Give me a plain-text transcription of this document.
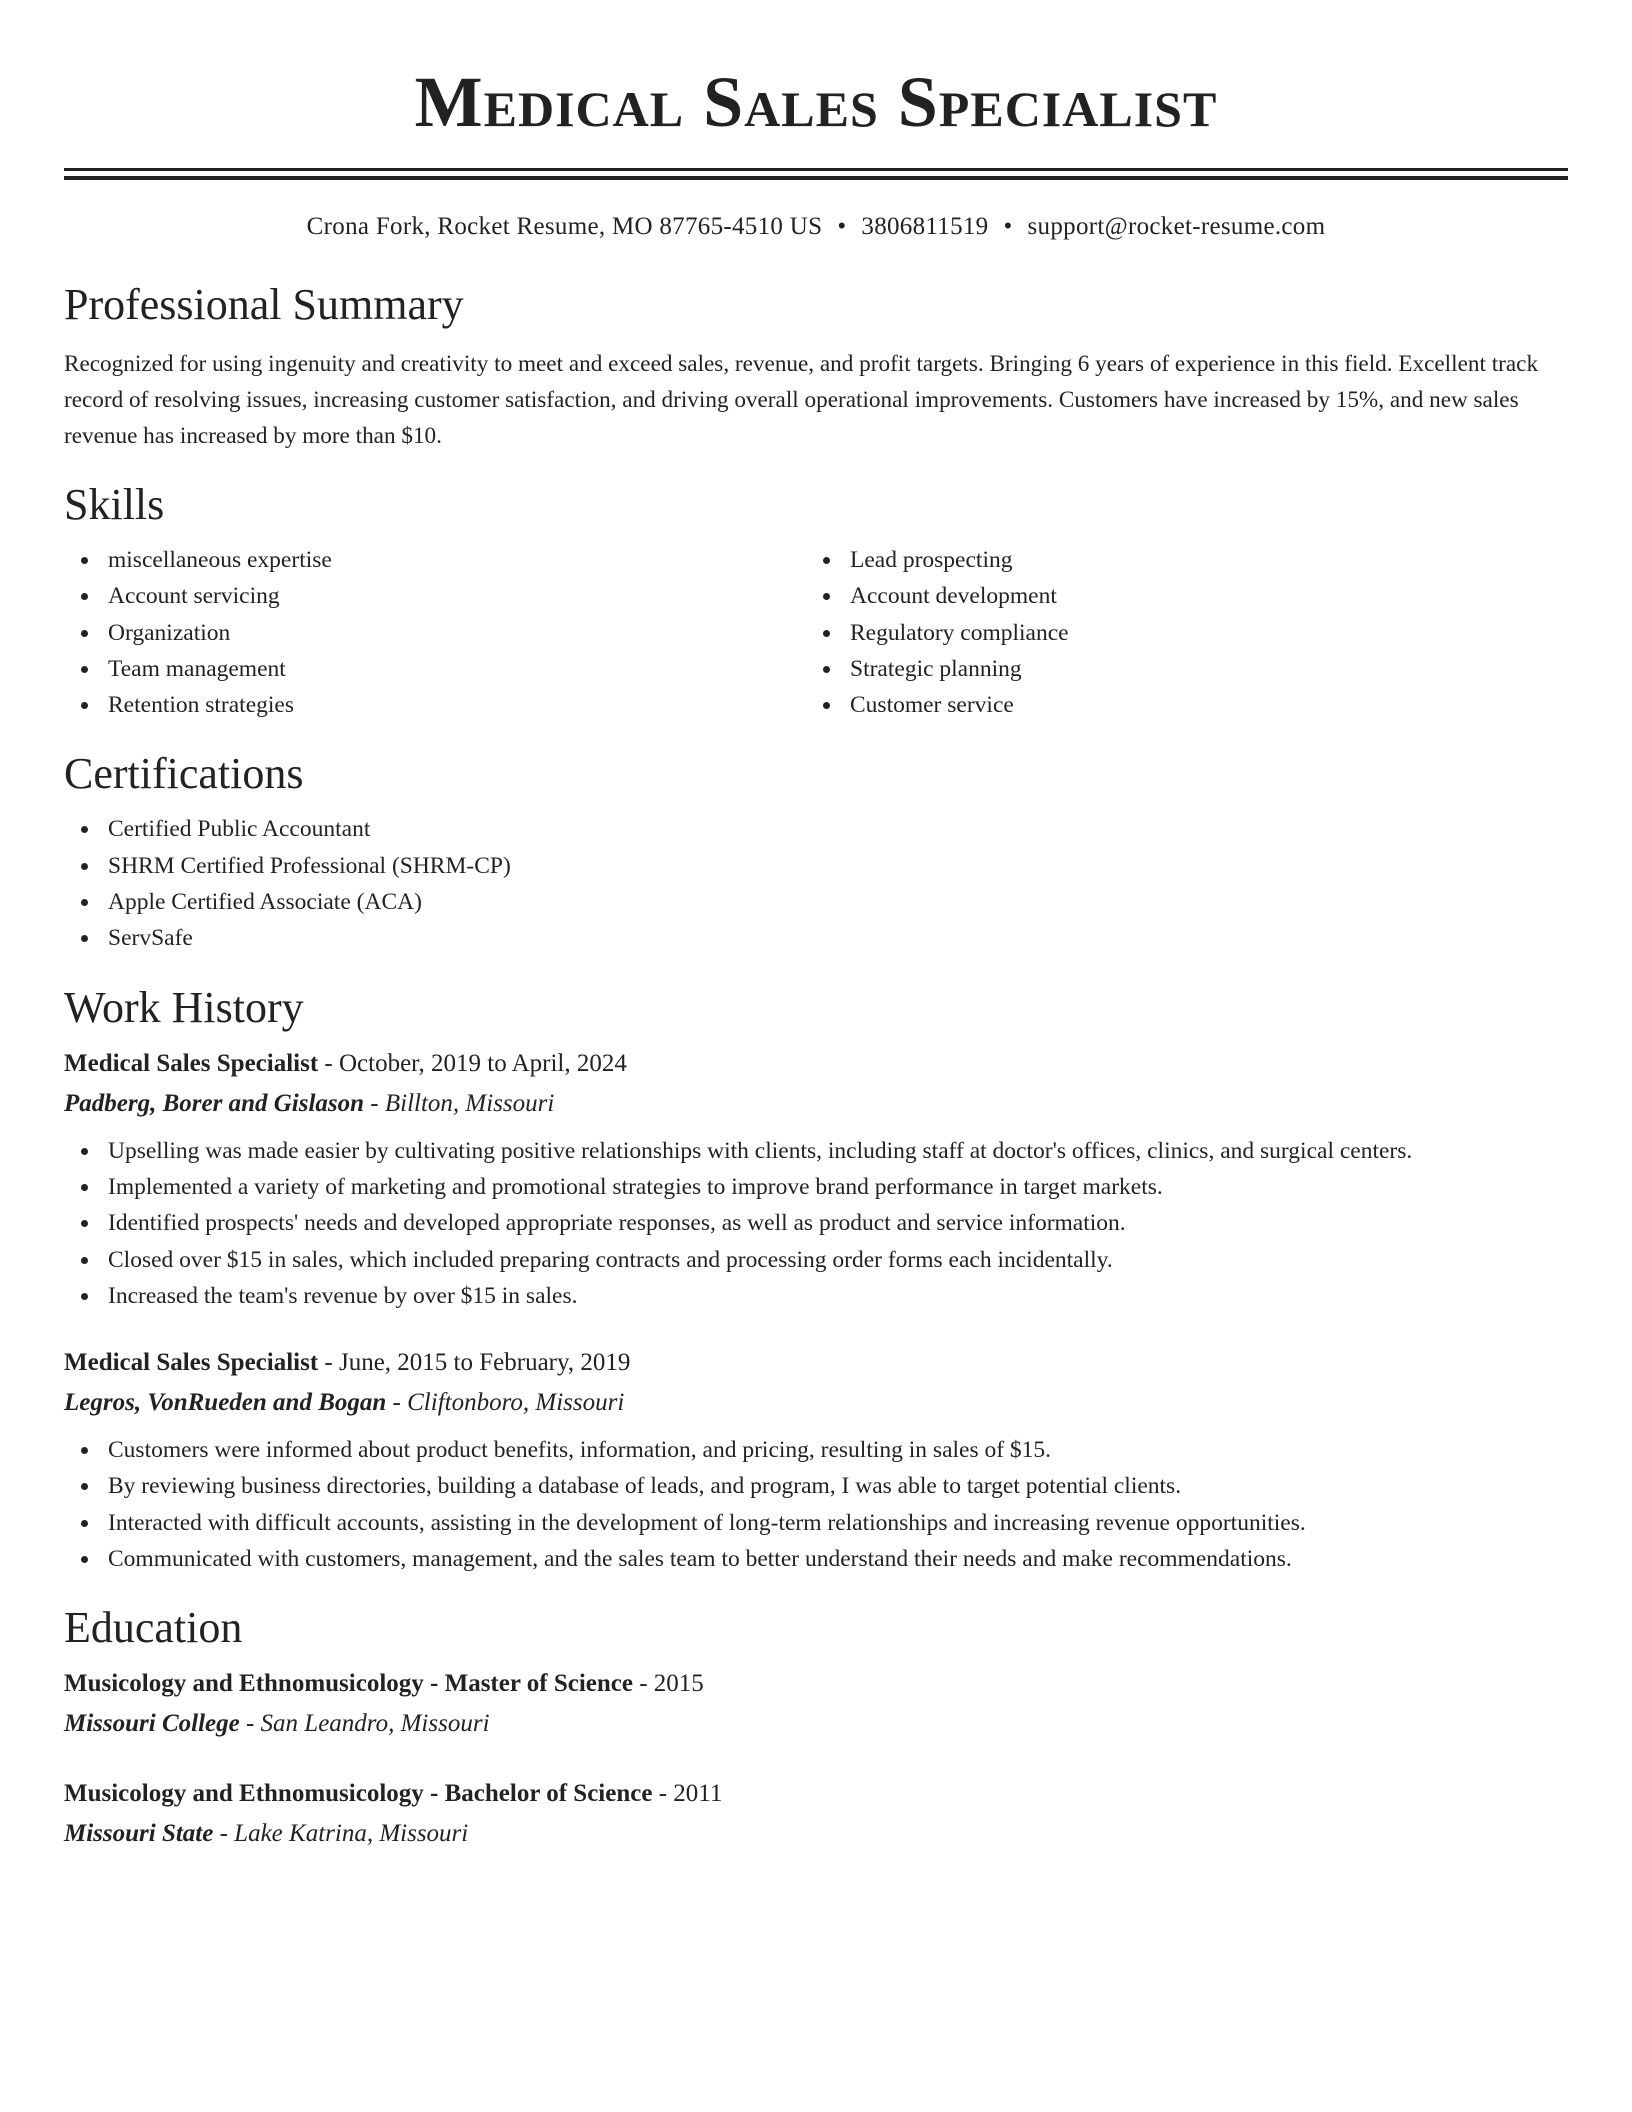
Medical Sales Specialist
Crona Fork, Rocket Resume, MO 87765-4510 US • 3806811519 • support@rocket-resume.com
Professional Summary
Recognized for using ingenuity and creativity to meet and exceed sales, revenue, and profit targets. Bringing 6 years of experience in this field. Excellent track record of resolving issues, increasing customer satisfaction, and driving overall operational improvements. Customers have increased by 15%, and new sales revenue has increased by more than $10.
Skills
miscellaneous expertise
Account servicing
Organization
Team management
Retention strategies
Lead prospecting
Account development
Regulatory compliance
Strategic planning
Customer service
Certifications
Certified Public Accountant
SHRM Certified Professional (SHRM-CP)
Apple Certified Associate (ACA)
ServSafe
Work History
Medical Sales Specialist - October, 2019 to April, 2024
Padberg, Borer and Gislason - Billton, Missouri
Upselling was made easier by cultivating positive relationships with clients, including staff at doctor's offices, clinics, and surgical centers.
Implemented a variety of marketing and promotional strategies to improve brand performance in target markets.
Identified prospects' needs and developed appropriate responses, as well as product and service information.
Closed over $15 in sales, which included preparing contracts and processing order forms each incidentally.
Increased the team's revenue by over $15 in sales.
Medical Sales Specialist - June, 2015 to February, 2019
Legros, VonRueden and Bogan - Cliftonboro, Missouri
Customers were informed about product benefits, information, and pricing, resulting in sales of $15.
By reviewing business directories, building a database of leads, and program, I was able to target potential clients.
Interacted with difficult accounts, assisting in the development of long-term relationships and increasing revenue opportunities.
Communicated with customers, management, and the sales team to better understand their needs and make recommendations.
Education
Musicology and Ethnomusicology - Master of Science - 2015
Missouri College - San Leandro, Missouri
Musicology and Ethnomusicology - Bachelor of Science - 2011
Missouri State - Lake Katrina, Missouri
